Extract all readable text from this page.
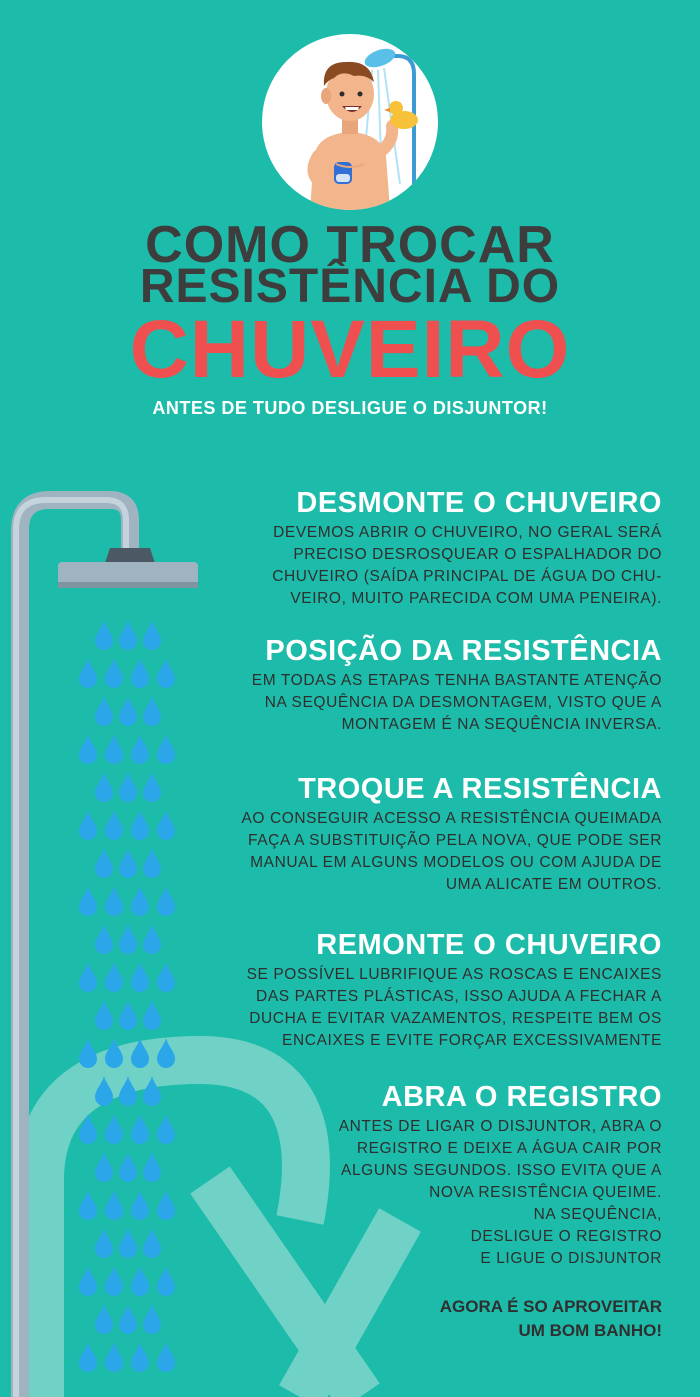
COMO TROCAR
RESISTÊNCIA DO
CHUVEIRO
ANTES DE TUDO DESLIGUE O DISJUNTOR!
DESMONTE O CHUVEIRO

DEVEMOS ABRIR O CHUVEIRO, NO GERAL SERÁ
PRECISO DESROSQUEAR O ESPALHADOR DO
CHUVEIRO (SAÍDA PRINCIPAL DE ÁGUA DO CHU-
VEIRO, MUITO PARECIDA COM UMA PENEIRA).

POSIÇÃO DA RESISTÊNCIA

EM TODAS AS ETAPAS TENHA BASTANTE ATENÇÃO
NA SEQUÊNCIA DA DESMONTAGEM, VISTO QUE A
MONTAGEM É NA SEQUÊNCIA INVERSA.

TROQUE A RESISTÊNCIA

AO CONSEGUIR ACESSO A RESISTÊNCIA QUEIMADA
FAÇA A SUBSTITUIÇÃO PELA NOVA, QUE PODE SER
MANUAL EM ALGUNS MODELOS OU COM AJUDA DE
UMA ALICATE EM OUTROS.

REMONTE O CHUVEIRO

SE POSSÍVEL LUBRIFIQUE AS ROSCAS E ENCAIXES
DAS PARTES PLÁSTICAS, ISSO AJUDA A FECHAR A
DUCHA E EVITAR VAZAMENTOS, RESPEITE BEM OS
ENCAIXES E EVITE FORÇAR EXCESSIVAMENTE

ABRA O REGISTRO

ANTES DE LIGAR O DISJUNTOR, ABRA O
REGISTRO E DEIXE A ÁGUA CAIR POR
ALGUNS SEGUNDOS. ISSO EVITA QUE A
NOVA RESISTÊNCIA QUEIME.
NA SEQUÊNCIA,
DESLIGUE O REGISTRO
E LIGUE O DISJUNTOR

AGORA É SO APROVEITAR
UM BOM BANHO!
